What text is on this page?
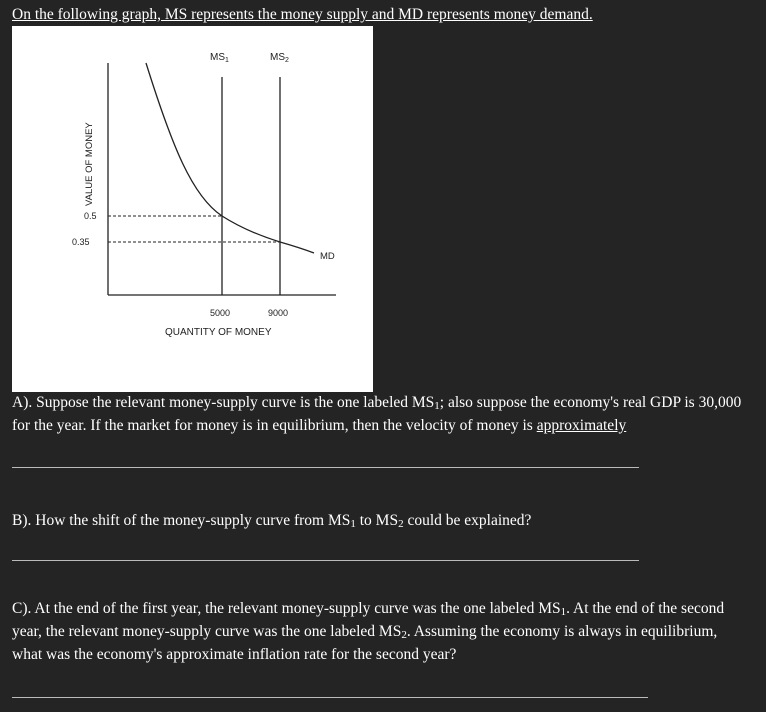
On the following graph, MS represents the money supply and MD represents money demand.
$MS_1$	$MS_2$
MD
VALUE OF MONEY
0.5
0.35
5000	9000
QUANTITY OF MONEY
A). Suppose the relevant money-supply curve is the one labeled $MS_1$; also suppose the economy's real GDP is 30,000 for the year. If the market for money is in equilibrium, then the velocity of money is approximately
B). How the shift of the money-supply curve from $MS_1$ to $MS_2$ could be explained?
C). At the end of the first year, the relevant money-supply curve was the one labeled $MS_1$. At the end of the second year, the relevant money-supply curve was the one labeled $MS_2$. Assuming the economy is always in equilibrium, what was the economy's approximate inflation rate for the second year?
